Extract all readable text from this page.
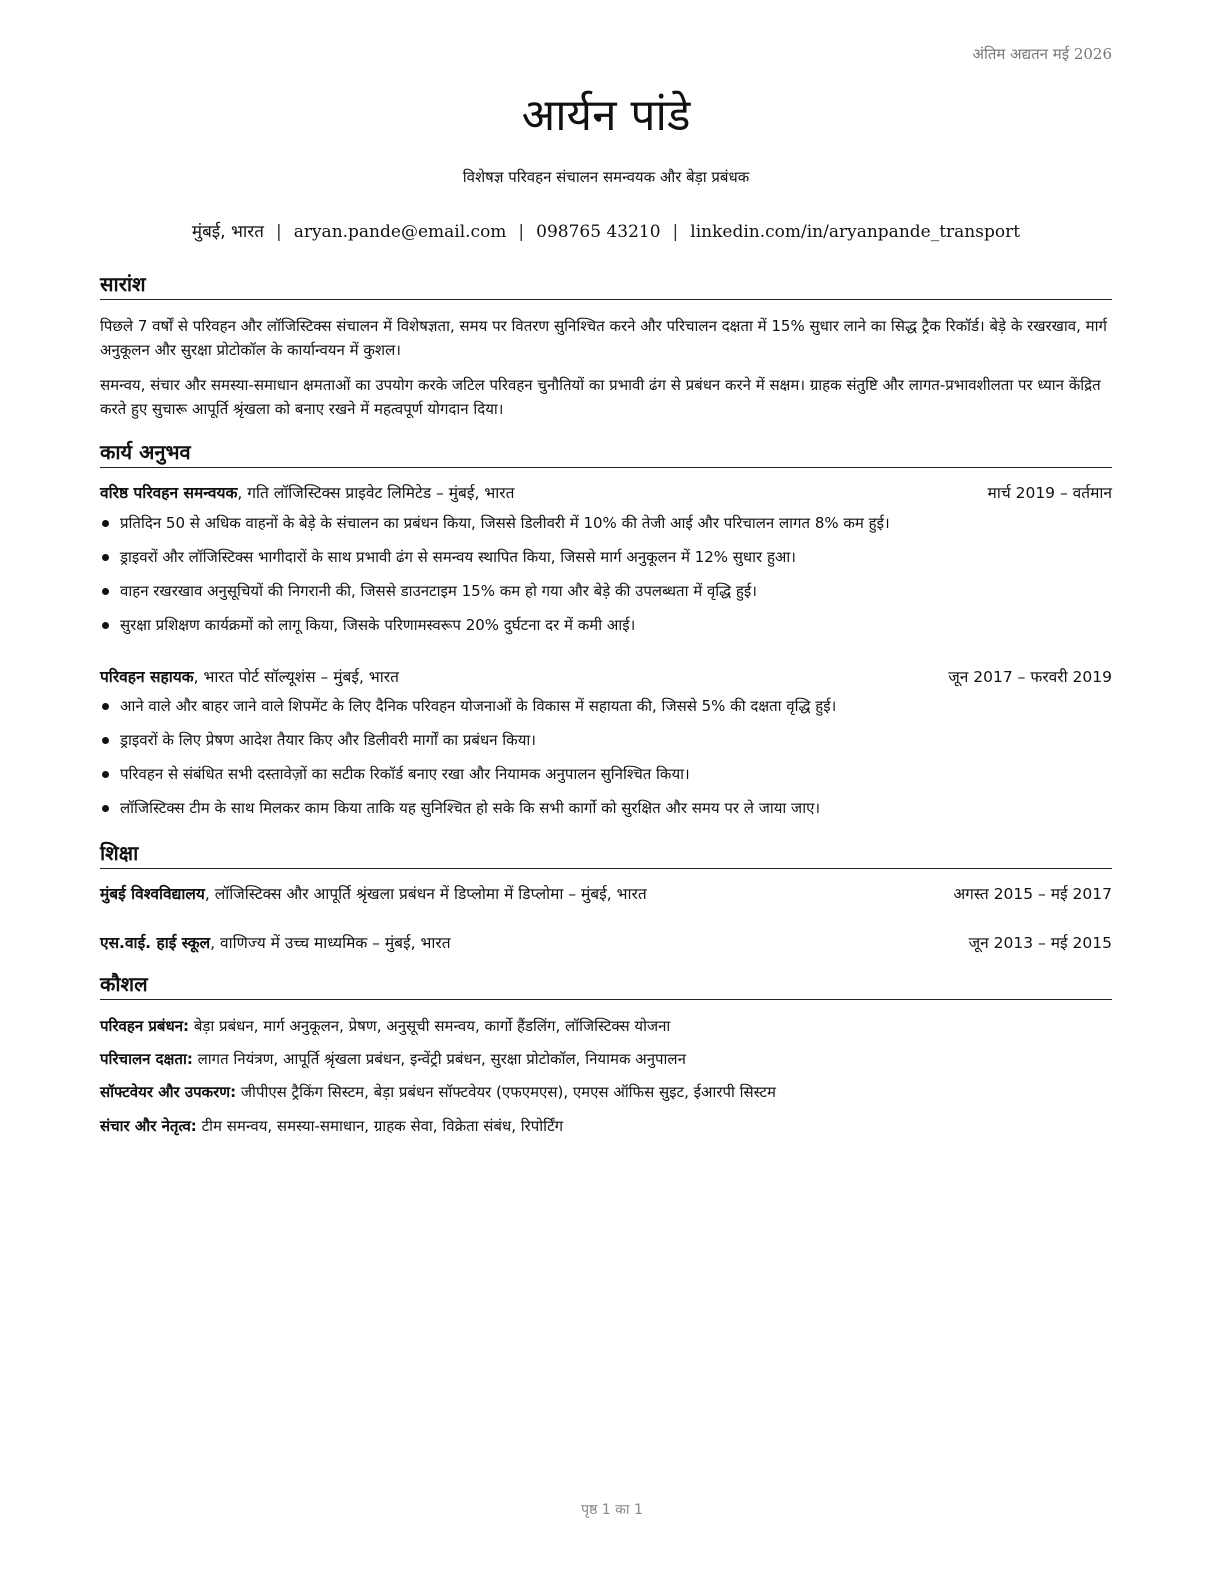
अंतिम अद्यतन मई 2026
आर्यन पांडे
विशेषज्ञ परिवहन संचालन समन्वयक और बेड़ा प्रबंधक
मुंबई, भारत | aryan.pande@email.com | 098765 43210 | linkedin.com/in/aryanpande_transport
सारांश
पिछले 7 वर्षों से परिवहन और लॉजिस्टिक्स संचालन में विशेषज्ञता, समय पर वितरण सुनिश्चित करने और परिचालन दक्षता में 15% सुधार लाने का सिद्ध ट्रैक रिकॉर्ड। बेड़े के रखरखाव, मार्ग अनुकूलन और सुरक्षा प्रोटोकॉल के कार्यान्वयन में कुशल।
समन्वय, संचार और समस्या-समाधान क्षमताओं का उपयोग करके जटिल परिवहन चुनौतियों का प्रभावी ढंग से प्रबंधन करने में सक्षम। ग्राहक संतुष्टि और लागत-प्रभावशीलता पर ध्यान केंद्रित करते हुए सुचारू आपूर्ति श्रृंखला को बनाए रखने में महत्वपूर्ण योगदान दिया।
कार्य अनुभव
वरिष्ठ परिवहन समन्वयक, गति लॉजिस्टिक्स प्राइवेट लिमिटेड – मुंबई, भारत	मार्च 2019 – वर्तमान
प्रतिदिन 50 से अधिक वाहनों के बेड़े के संचालन का प्रबंधन किया, जिससे डिलीवरी में 10% की तेजी आई और परिचालन लागत 8% कम हुई।
ड्राइवरों और लॉजिस्टिक्स भागीदारों के साथ प्रभावी ढंग से समन्वय स्थापित किया, जिससे मार्ग अनुकूलन में 12% सुधार हुआ।
वाहन रखरखाव अनुसूचियों की निगरानी की, जिससे डाउनटाइम 15% कम हो गया और बेड़े की उपलब्धता में वृद्धि हुई।
सुरक्षा प्रशिक्षण कार्यक्रमों को लागू किया, जिसके परिणामस्वरूप 20% दुर्घटना दर में कमी आई।
परिवहन सहायक, भारत पोर्ट सॉल्यूशंस – मुंबई, भारत	जून 2017 – फरवरी 2019
आने वाले और बाहर जाने वाले शिपमेंट के लिए दैनिक परिवहन योजनाओं के विकास में सहायता की, जिससे 5% की दक्षता वृद्धि हुई।
ड्राइवरों के लिए प्रेषण आदेश तैयार किए और डिलीवरी मार्गों का प्रबंधन किया।
परिवहन से संबंधित सभी दस्तावेज़ों का सटीक रिकॉर्ड बनाए रखा और नियामक अनुपालन सुनिश्चित किया।
लॉजिस्टिक्स टीम के साथ मिलकर काम किया ताकि यह सुनिश्चित हो सके कि सभी कार्गो को सुरक्षित और समय पर ले जाया जाए।
शिक्षा
मुंबई विश्वविद्यालय, लॉजिस्टिक्स और आपूर्ति श्रृंखला प्रबंधन में डिप्लोमा में डिप्लोमा – मुंबई, भारत	अगस्त 2015 – मई 2017
एस.वाई. हाई स्कूल, वाणिज्य में उच्च माध्यमिक – मुंबई, भारत	जून 2013 – मई 2015
कौशल
परिवहन प्रबंधन: बेड़ा प्रबंधन, मार्ग अनुकूलन, प्रेषण, अनुसूची समन्वय, कार्गो हैंडलिंग, लॉजिस्टिक्स योजना
परिचालन दक्षता: लागत नियंत्रण, आपूर्ति श्रृंखला प्रबंधन, इन्वेंट्री प्रबंधन, सुरक्षा प्रोटोकॉल, नियामक अनुपालन
सॉफ्टवेयर और उपकरण: जीपीएस ट्रैकिंग सिस्टम, बेड़ा प्रबंधन सॉफ्टवेयर (एफएमएस), एमएस ऑफिस सुइट, ईआरपी सिस्टम
संचार और नेतृत्व: टीम समन्वय, समस्या-समाधान, ग्राहक सेवा, विक्रेता संबंध, रिपोर्टिंग
पृष्ठ 1 का 1
